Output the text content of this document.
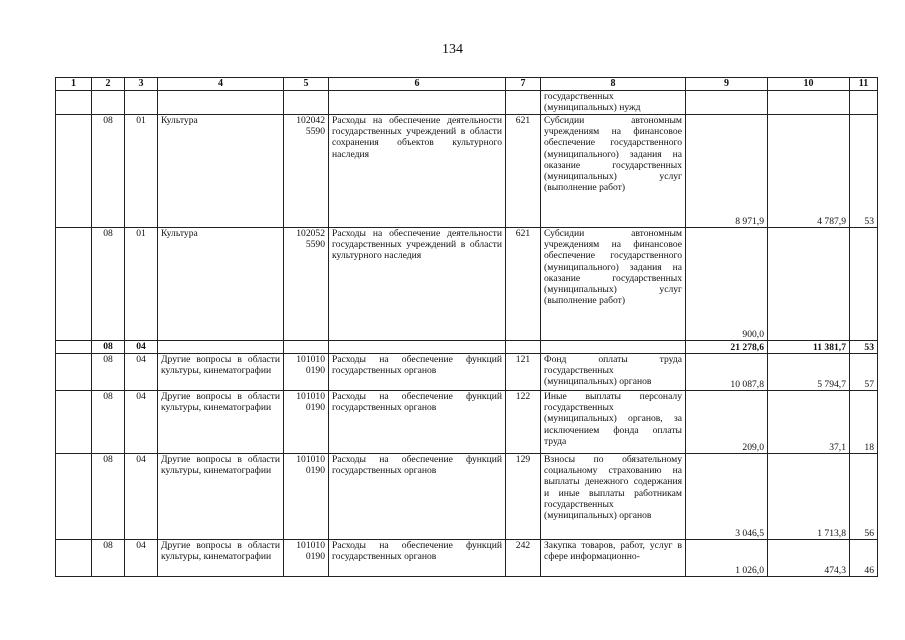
134
1	2	3	4	5	6	7	8	9	10	11
							государственных (муниципальных) нужд			
	08	01	Культура	102042 5590	Расходы на обеспечение деятельности государственных учреждений в области сохранения объектов культурного наследия	621	Субсидии автономным учреждениям на финансовое обеспечение государственного (муниципального) задания на оказание государственных (муниципальных) услуг (выполнение работ)	8 971,9	4 787,9	53
	08	01	Культура	102052 5590	Расходы на обеспечение деятельности государственных учреждений в области культурного наследия	621	Субсидии автономным учреждениям на финансовое обеспечение государственного (муниципального) задания на оказание государственных (муниципальных) услуг (выполнение работ)	900,0		
	08	04						21 278,6	11 381,7	53
	08	04	Другие вопросы в области культуры, кинематографии	101010 0190	Расходы на обеспечение функций государственных органов	121	Фонд оплаты труда государственных (муниципальных) органов	10 087,8	5 794,7	57
	08	04	Другие вопросы в области культуры, кинематографии	101010 0190	Расходы на обеспечение функций государственных органов	122	Иные выплаты персоналу государственных (муниципальных) органов, за исключением фонда оплаты труда	209,0	37,1	18
	08	04	Другие вопросы в области культуры, кинематографии	101010 0190	Расходы на обеспечение функций государственных органов	129	Взносы по обязательному социальному страхованию на выплаты денежного содержания и иные выплаты работникам государственных (муниципальных) органов	3 046,5	1 713,8	56
	08	04	Другие вопросы в области культуры, кинематографии	101010 0190	Расходы на обеспечение функций государственных органов	242	Закупка товаров, работ, услуг в сфере информационно-	1 026,0	474,3	46
